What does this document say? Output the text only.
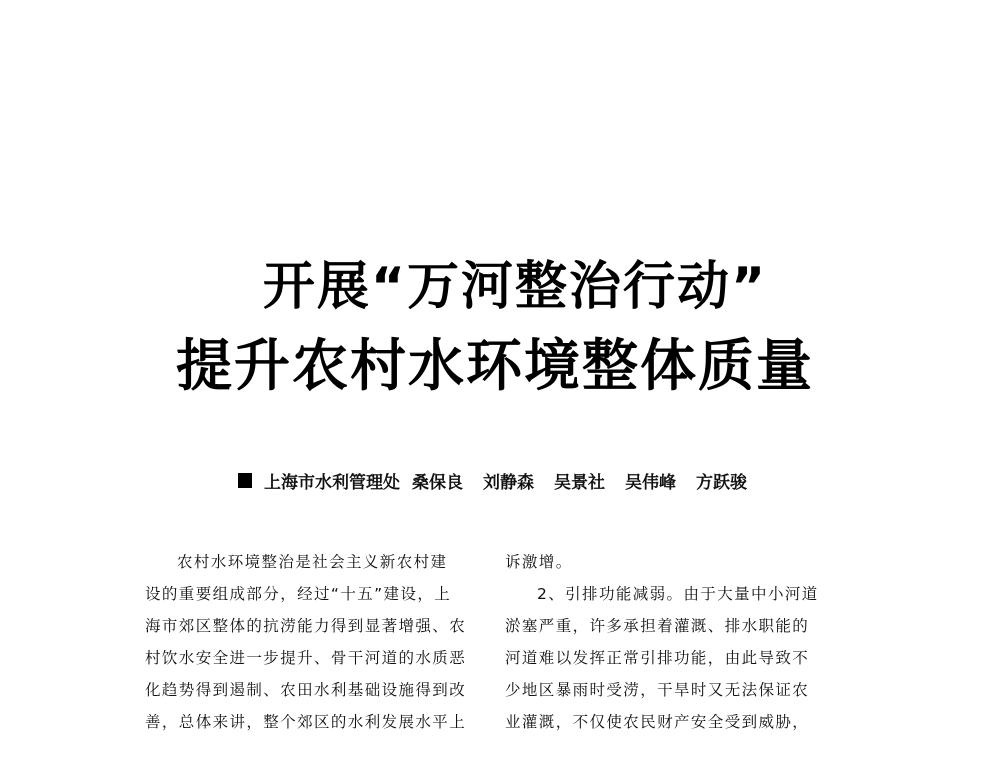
开展“万河整治行动”
提升农村水环境整体质量
上海市水利管理处 桑保良 刘静森 吴景社 吴伟峰 方跃骏
农村水环境整治是社会主义新农村建
设的重要组成部分，经过“十五”建设，上
海市郊区整体的抗涝能力得到显著增强、农
村饮水安全进一步提升、骨干河道的水质恶
化趋势得到遏制、农田水利基础设施得到改
善，总体来讲，整个郊区的水利发展水平上
诉激增。
2、引排功能减弱。由于大量中小河道
淤塞严重，许多承担着灌溉、排水职能的
河道难以发挥正常引排功能，由此导致不
少地区暴雨时受涝，干旱时又无法保证农
业灌溉，不仅使农民财产安全受到威胁，
